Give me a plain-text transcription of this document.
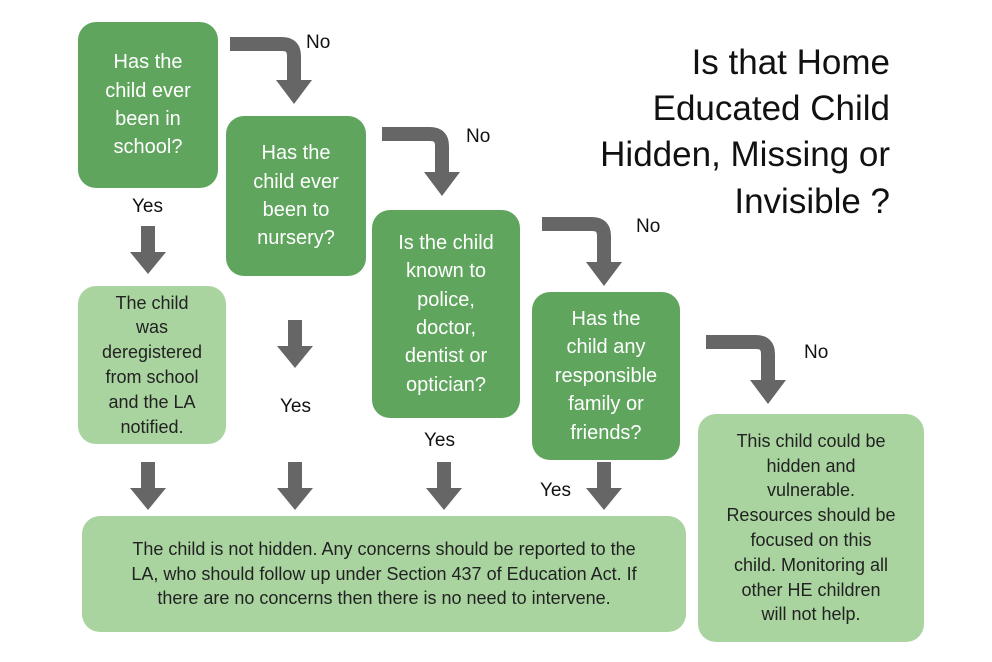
Is that Home
Educated Child
Hidden, Missing or
Invisible ?
Has the
child ever
been in
school?	Has the
child ever
been to
nursery?	Is the child
known to
police,
doctor,
dentist or
optician?
Has the
child any
responsible
family or
friends?
The child
was
deregistered
from school
and the LA
notified.
The child is not hidden. Any concerns should be reported to the
LA, who should follow up under Section 437 of Education Act. If
there are no concerns then there is no need to intervene.
This child could be
hidden and
vulnerable.
Resources should be
focused on this
child. Monitoring all
other HE children
will not help.
No
No
No
No
Yes
Yes
Yes
Yes
